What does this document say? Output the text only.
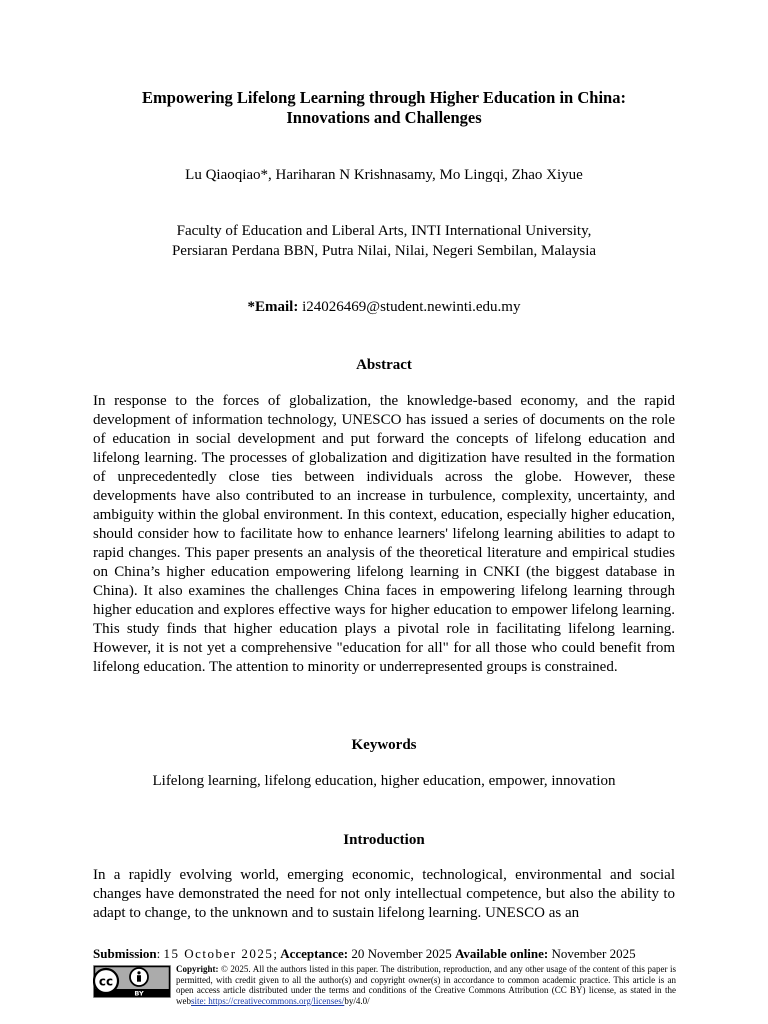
Empowering Lifelong Learning through Higher Education in China:
Innovations and Challenges
Lu Qiaoqiao*, Hariharan N Krishnasamy, Mo Lingqi, Zhao Xiyue
Faculty of Education and Liberal Arts, INTI International University,
Persiaran Perdana BBN, Putra Nilai, Nilai, Negeri Sembilan, Malaysia
*Email: i24026469@student.newinti.edu.my
Abstract
In response to the forces of globalization, the knowledge-based economy, and the rapid development of information technology, UNESCO has issued a series of documents on the role of education in social development and put forward the concepts of lifelong education and lifelong learning. The processes of globalization and digitization have resulted in the formation of unprecedentedly close ties between individuals across the globe. However, these developments have also contributed to an increase in turbulence, complexity, uncertainty, and ambiguity within the global environment. In this context, education, especially higher education, should consider how to facilitate how to enhance learners' lifelong learning abilities to adapt to rapid changes. This paper presents an analysis of the theoretical literature and empirical studies on China’s higher education empowering lifelong learning in CNKI (the biggest database in China). It also examines the challenges China faces in empowering lifelong learning through higher education and explores effective ways for higher education to empower lifelong learning. This study finds that higher education plays a pivotal role in facilitating lifelong learning. However, it is not yet a comprehensive "education for all" for all those who could benefit from lifelong education. The attention to minority or underrepresented groups is constrained.
Keywords
Lifelong learning, lifelong education, higher education, empower, innovation
Introduction
In a rapidly evolving world, emerging economic, technological, environmental and social changes have demonstrated the need for not only intellectual competence, but also the ability to adapt to change, to the unknown and to sustain lifelong learning. UNESCO as an
Submission: 15 October 2025; Acceptance: 20 November 2025 Available online: November 2025
cc
BY
Copyright: © 2025. All the authors listed in this paper. The distribution, reproduction, and any other usage of the content of this paper is permitted, with credit given to all the author(s) and copyright owner(s) in accordance to common academic practice. This article is an open access article distributed under the terms and conditions of the Creative Commons Attribution (CC BY) license, as stated in the website: https://creativecommons.org/licenses/by/4.0/
